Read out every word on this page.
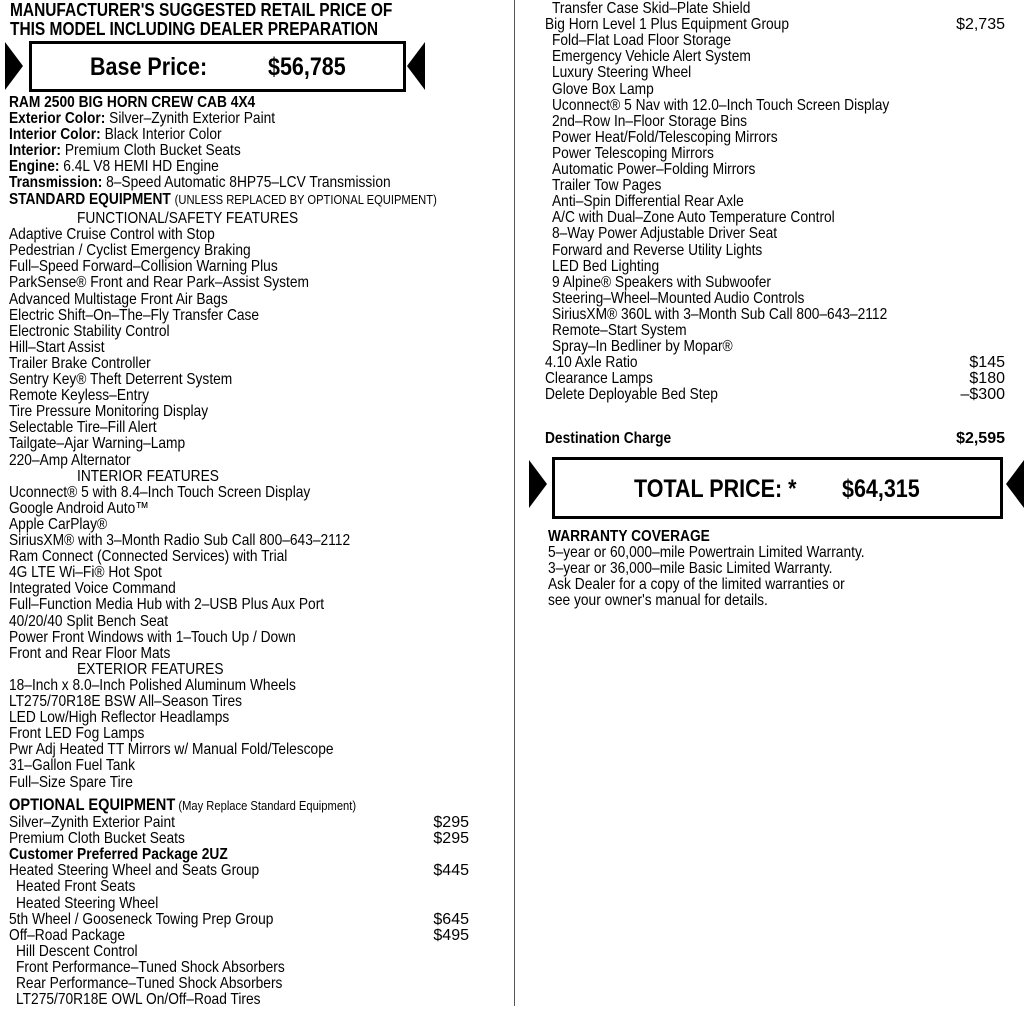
MANUFACTURER'S SUGGESTED RETAIL PRICE OF
THIS MODEL INCLUDING DEALER PREPARATION
Base Price:	$56,785
RAM 2500 BIG HORN CREW CAB 4X4
Exterior Color: Silver–Zynith Exterior Paint
Interior Color: Black Interior Color
Interior: Premium Cloth Bucket Seats
Engine: 6.4L V8 HEMI HD Engine
Transmission: 8–Speed Automatic 8HP75–LCV Transmission
STANDARD EQUIPMENT (UNLESS REPLACED BY OPTIONAL EQUIPMENT)
FUNCTIONAL/SAFETY FEATURES
Adaptive Cruise Control with Stop
Pedestrian / Cyclist Emergency Braking
Full–Speed Forward–Collision Warning Plus
ParkSense® Front and Rear Park–Assist System
Advanced Multistage Front Air Bags
Electric Shift–On–The–Fly Transfer Case
Electronic Stability Control
Hill–Start Assist
Trailer Brake Controller
Sentry Key® Theft Deterrent System
Remote Keyless–Entry
Tire Pressure Monitoring Display
Selectable Tire–Fill Alert
Tailgate–Ajar Warning–Lamp
220–Amp Alternator
INTERIOR FEATURES
Uconnect® 5 with 8.4–Inch Touch Screen Display
Google Android Auto™
Apple CarPlay®
SiriusXM® with 3–Month Radio Sub Call 800–643–2112
Ram Connect (Connected Services) with Trial
4G LTE Wi–Fi® Hot Spot
Integrated Voice Command
Full–Function Media Hub with 2–USB Plus Aux Port
40/20/40 Split Bench Seat
Power Front Windows with 1–Touch Up / Down
Front and Rear Floor Mats
EXTERIOR FEATURES
18–Inch x 8.0–Inch Polished Aluminum Wheels
LT275/70R18E BSW All–Season Tires
LED Low/High Reflector Headlamps
Front LED Fog Lamps
Pwr Adj Heated TT Mirrors w/ Manual Fold/Telescope
31–Gallon Fuel Tank
Full–Size Spare Tire
OPTIONAL EQUIPMENT (May Replace Standard Equipment)
Silver–Zynith Exterior Paint	$295
Premium Cloth Bucket Seats	$295
Customer Preferred Package 2UZ
Heated Steering Wheel and Seats Group	$445
Heated Front Seats
Heated Steering Wheel
5th Wheel / Gooseneck Towing Prep Group	$645
Off–Road Package	$495
Hill Descent Control
Front Performance–Tuned Shock Absorbers
Rear Performance–Tuned Shock Absorbers
LT275/70R18E OWL On/Off–Road Tires
Transfer Case Skid–Plate Shield
Big Horn Level 1 Plus Equipment Group	$2,735
Fold–Flat Load Floor Storage
Emergency Vehicle Alert System
Luxury Steering Wheel
Glove Box Lamp
Uconnect® 5 Nav with 12.0–Inch Touch Screen Display
2nd–Row In–Floor Storage Bins
Power Heat/Fold/Telescoping Mirrors
Power Telescoping Mirrors
Automatic Power–Folding Mirrors
Trailer Tow Pages
Anti–Spin Differential Rear Axle
A/C with Dual–Zone Auto Temperature Control
8–Way Power Adjustable Driver Seat
Forward and Reverse Utility Lights
LED Bed Lighting
9 Alpine® Speakers with Subwoofer
Steering–Wheel–Mounted Audio Controls
SiriusXM® 360L with 3–Month Sub Call 800–643–2112
Remote–Start System
Spray–In Bedliner by Mopar®
4.10 Axle Ratio	$145
Clearance Lamps	$180
Delete Deployable Bed Step	–$300
Destination Charge	$2,595
TOTAL PRICE: *	$64,315
WARRANTY COVERAGE
5–year or 60,000–mile Powertrain Limited Warranty.
3–year or 36,000–mile Basic Limited Warranty.
Ask Dealer for a copy of the limited warranties or
see your owner's manual for details.
